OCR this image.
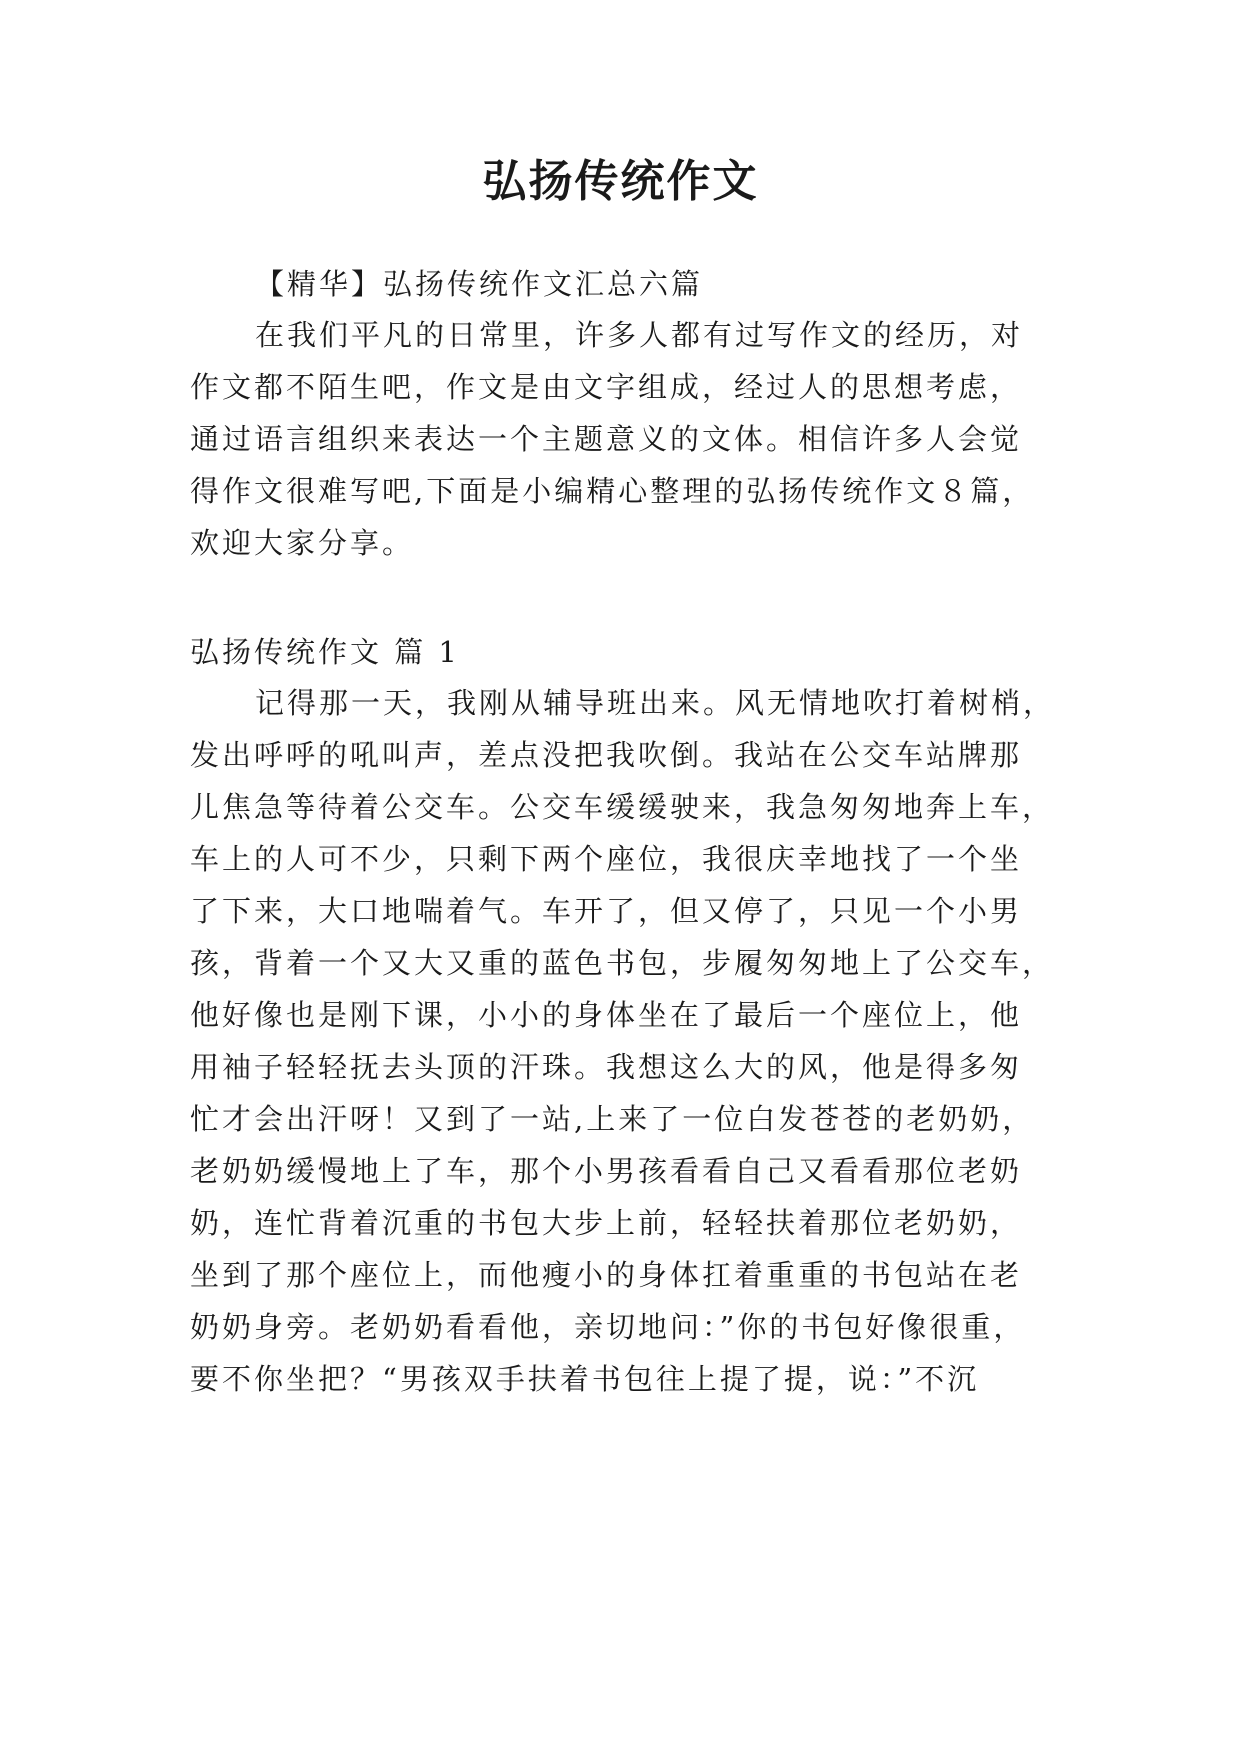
弘扬传统作文

【精华】弘扬传统作文汇总六篇

在我们平凡的日常里，许多人都有过写作文的经历，对

作文都不陌生吧，作文是由文字组成，经过人的思想考虑，

通过语言组织来表达一个主题意义的文体。相信许多人会觉

得作文很难写吧,下面是小编精心整理的弘扬传统作文８篇，

欢迎大家分享。

弘扬传统作文 篇 1

记得那一天，我刚从辅导班出来。风无情地吹打着树梢，

发出呼呼的吼叫声，差点没把我吹倒。我站在公交车站牌那

儿焦急等待着公交车。公交车缓缓驶来，我急匆匆地奔上车，

车上的人可不少，只剩下两个座位，我很庆幸地找了一个坐

了下来，大口地喘着气。车开了，但又停了，只见一个小男

孩，背着一个又大又重的蓝色书包，步履匆匆地上了公交车，

他好像也是刚下课，小小的身体坐在了最后一个座位上，他

用袖子轻轻抚去头顶的汗珠。我想这么大的风，他是得多匆

忙才会出汗呀！又到了一站,上来了一位白发苍苍的老奶奶，

老奶奶缓慢地上了车，那个小男孩看看自己又看看那位老奶

奶，连忙背着沉重的书包大步上前，轻轻扶着那位老奶奶，

坐到了那个座位上，而他瘦小的身体扛着重重的书包站在老

奶奶身旁。老奶奶看看他，亲切地问：”你的书包好像很重，

要不你坐把？“男孩双手扶着书包往上提了提，说：”不沉
